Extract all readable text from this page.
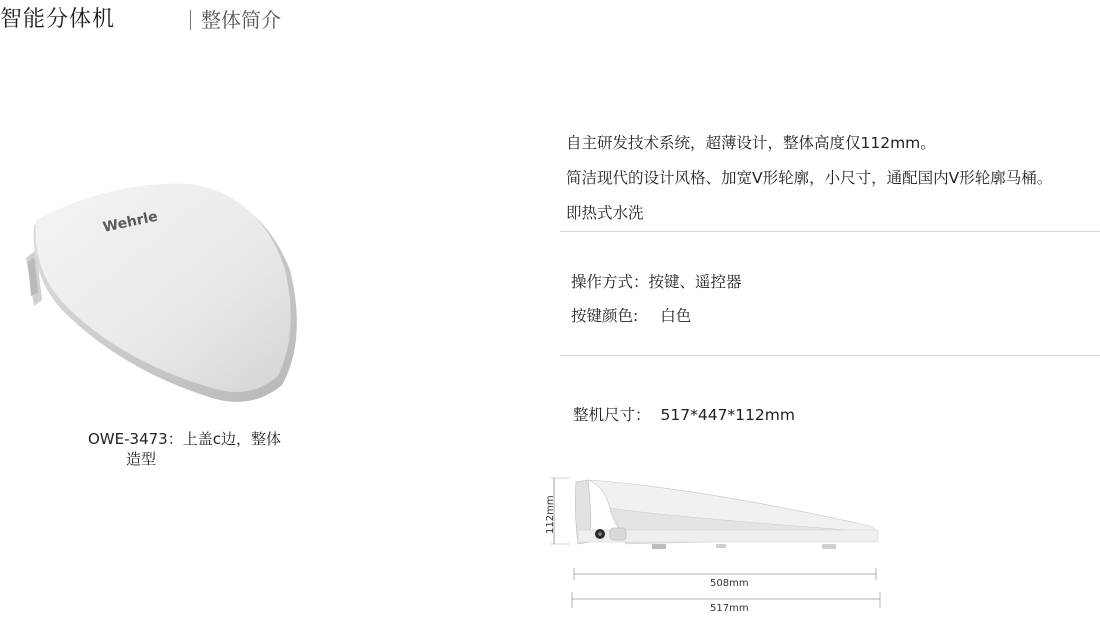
智能分体机	整体简介
Wehrle
OWE-3473：上盖c边，整体
造型
自主研发技术系统，超薄设计，整体高度仅112mm。
简洁现代的设计风格、加宽V形轮廓，小尺寸，通配国内V形轮廓马桶。
即热式水洗
操作方式：按键、遥控器
按键颜色: 白色
整机尺寸： 517*447*112mm
112mm
508mm
517mm
